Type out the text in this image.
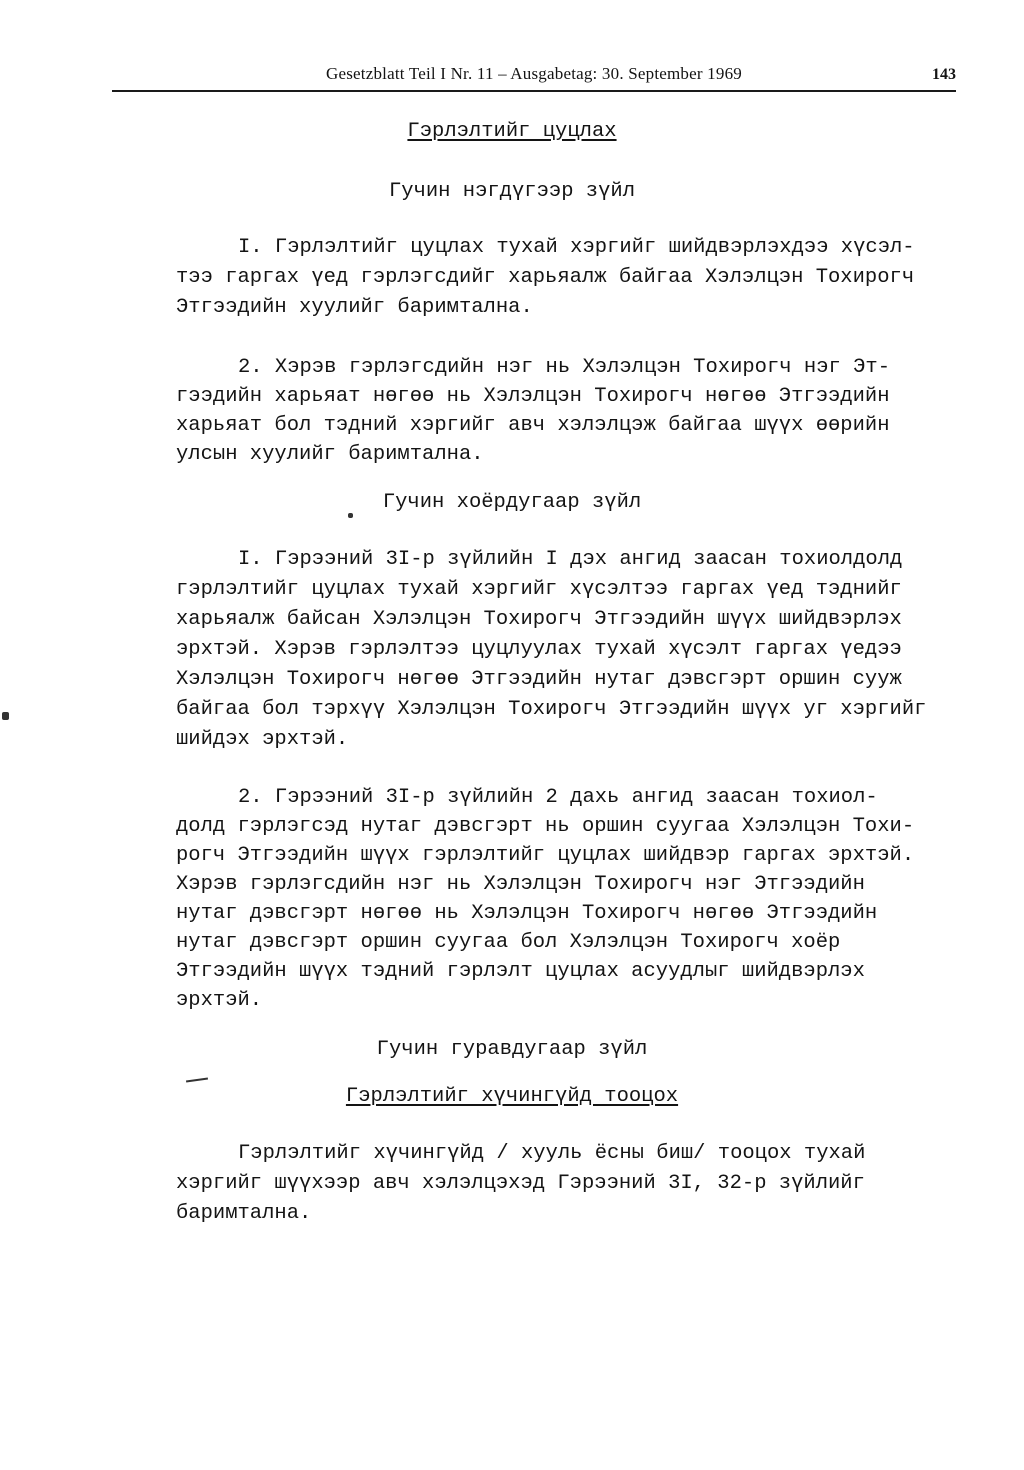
Gesetzblatt Teil I Nr. 11 – Ausgabetag: 30. September 1969	143
Гэрлэлтийг цуцлах
Гучин нэгдүгээр зүйл
I. Гэрлэлтийг цуцлах тухай хэргийг шийдвэрлэхдээ хүсэл-
тээ гаргах үед гэрлэгсдийг харьяалж байгаа Хэлэлцэн Тохирогч
Этгээдийн хуулийг баримтална.
2. Хэрэв гэрлэгсдийн нэг нь Хэлэлцэн Тохирогч нэг Эт-
гээдийн харьяат нөгөө нь Хэлэлцэн Тохирогч нөгөө Этгээдийн
харьяат бол тэдний хэргийг авч хэлэлцэж байгаа шүүх өөрийн
улсын хуулийг баримтална.
Гучин хоёрдугаар зүйл
I. Гэрээний 3I-р зүйлийн I дэх ангид заасан тохиолдолд
гэрлэлтийг цуцлах тухай хэргийг хүсэлтээ гаргах үед тэднийг
харьяалж байсан Хэлэлцэн Тохирогч Этгээдийн шүүх шийдвэрлэх
эрхтэй. Хэрэв гэрлэлтээ цуцлуулах тухай хүсэлт гаргах үедээ
Хэлэлцэн Тохирогч нөгөө Этгээдийн нутаг дэвсгэрт оршин сууж
байгаа бол тэрхүү Хэлэлцэн Тохирогч Этгээдийн шүүх уг хэргийг
шийдэх эрхтэй.
2. Гэрээний 3I-р зүйлийн 2 дахь ангид заасан тохиол-
долд гэрлэгсэд нутаг дэвсгэрт нь оршин суугаа Хэлэлцэн Тохи-
рогч Этгээдийн шүүх гэрлэлтийг цуцлах шийдвэр гаргах эрхтэй.
Хэрэв гэрлэгсдийн нэг нь Хэлэлцэн Тохирогч нэг Этгээдийн
нутаг дэвсгэрт нөгөө нь Хэлэлцэн Тохирогч нөгөө Этгээдийн
нутаг дэвсгэрт оршин суугаа бол Хэлэлцэн Тохирогч хоёр
Этгээдийн шүүх тэдний гэрлэлт цуцлах асуудлыг шийдвэрлэх
эрхтэй.
Гучин гуравдугаар зүйл
Гэрлэлтийг хүчингүйд тооцох
Гэрлэлтийг хүчингүйд / хууль ёсны биш/ тооцох тухай
хэргийг шүүхээр авч хэлэлцэхэд Гэрээний 3I, 32-р зүйлийг
баримтална.
